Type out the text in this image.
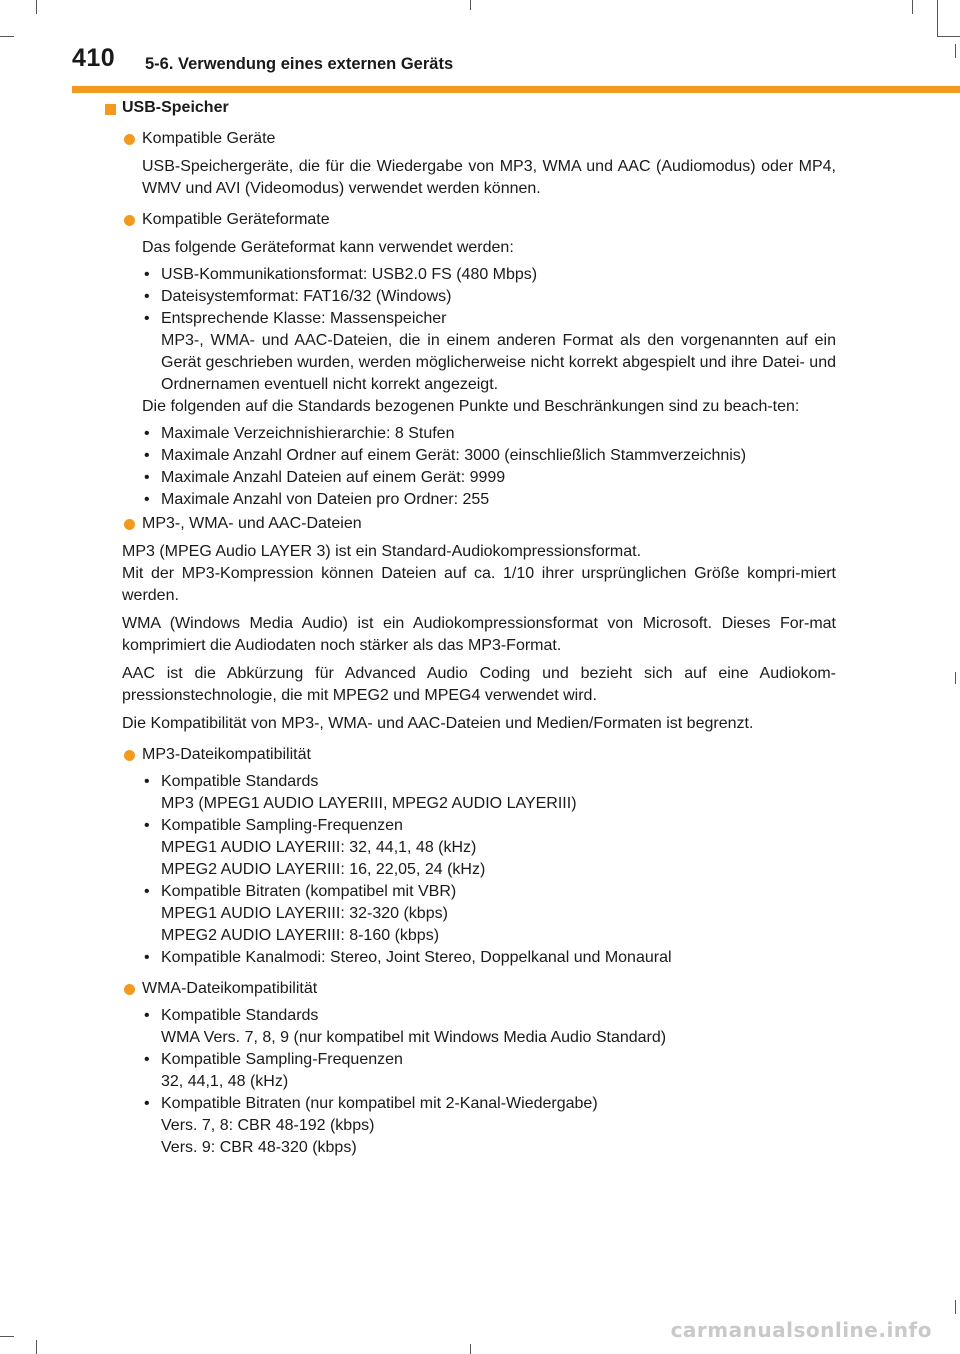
410 5-6. Verwendung eines externen Geräts
USB-Speicher
Kompatible Geräte

USB-Speichergeräte, die für die Wiedergabe von MP3, WMA und AAC (Audiomodus) oder MP4, WMV und AVI (Videomodus) verwendet werden können.

Kompatible Geräteformate

Das folgende Geräteformat kann verwendet werden:

• USB-Kommunikationsformat: USB2.0 FS (480 Mbps)
• Dateisystemformat: FAT16/32 (Windows)
• Entsprechende Klasse: Massenspeicher
MP3-, WMA- und AAC-Dateien, die in einem anderen Format als den vorgenannten auf ein Gerät geschrieben wurden, werden möglicherweise nicht korrekt abgespielt und ihre Datei- und Ordnernamen eventuell nicht korrekt angezeigt.

Die folgenden auf die Standards bezogenen Punkte und Beschränkungen sind zu beach-ten:

• Maximale Verzeichnishierarchie: 8 Stufen
• Maximale Anzahl Ordner auf einem Gerät: 3000 (einschließlich Stammverzeichnis)
• Maximale Anzahl Dateien auf einem Gerät: 9999
• Maximale Anzahl von Dateien pro Ordner: 255
MP3-, WMA- und AAC-Dateien

MP3 (MPEG Audio LAYER 3) ist ein Standard-Audiokompressionsformat.

Mit der MP3-Kompression können Dateien auf ca. 1/10 ihrer ursprünglichen Größe kompri-miert werden.

WMA (Windows Media Audio) ist ein Audiokompressionsformat von Microsoft. Dieses For-mat komprimiert die Audiodaten noch stärker als das MP3-Format.

AAC ist die Abkürzung für Advanced Audio Coding und bezieht sich auf eine Audiokom-pressionstechnologie, die mit MPEG2 und MPEG4 verwendet wird.

Die Kompatibilität von MP3-, WMA- und AAC-Dateien und Medien/Formaten ist begrenzt.

MP3-Dateikompatibilität
• Kompatible Standards
MP3 (MPEG1 AUDIO LAYERIII, MPEG2 AUDIO LAYERIII)
• Kompatible Sampling-Frequenzen
MPEG1 AUDIO LAYERIII: 32, 44,1, 48 (kHz)
MPEG2 AUDIO LAYERIII: 16, 22,05, 24 (kHz)
• Kompatible Bitraten (kompatibel mit VBR)
MPEG1 AUDIO LAYERIII: 32-320 (kbps)
MPEG2 AUDIO LAYERIII: 8-160 (kbps)
• Kompatible Kanalmodi: Stereo, Joint Stereo, Doppelkanal und Monaural
WMA-Dateikompatibilität
• Kompatible Standards
WMA Vers. 7, 8, 9 (nur kompatibel mit Windows Media Audio Standard)
• Kompatible Sampling-Frequenzen
32, 44,1, 48 (kHz)
• Kompatible Bitraten (nur kompatibel mit 2-Kanal-Wiedergabe)
Vers. 7, 8: CBR 48-192 (kbps)
Vers. 9: CBR 48-320 (kbps)
carmanualsonline.info
